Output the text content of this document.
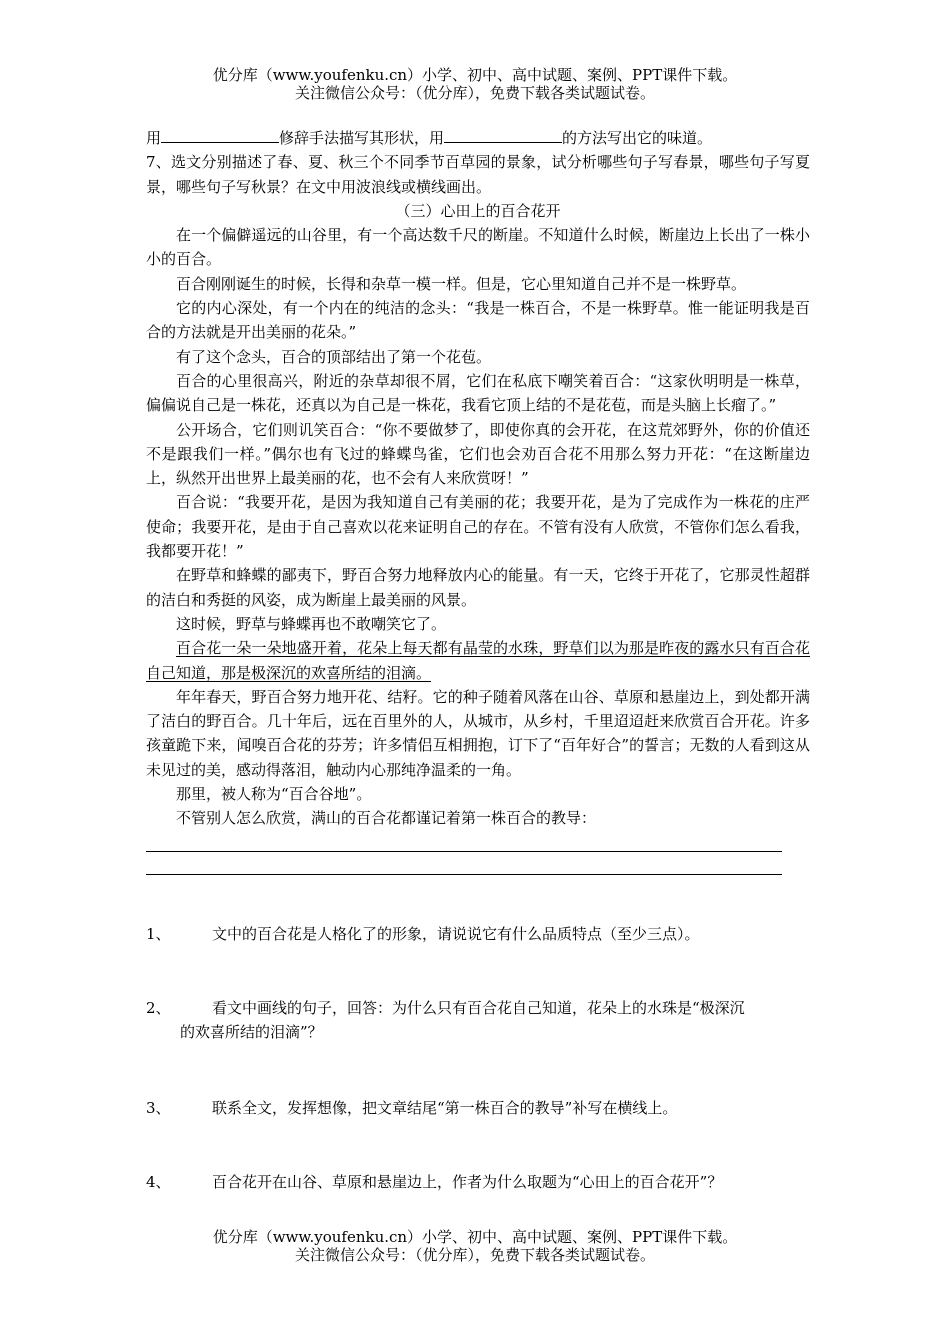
优分库（www.youfenku.cn）小学、初中、高中试题、案例、PPT课件下载。
关注微信公众号：（优分库），免费下载各类试题试卷。

用	修辞手法描写其形状，用	的方法写出它的味道。

7、选文分别描述了春、夏、秋三个不同季节百草园的景象，试分析哪些句子写春景，哪些句子写夏景，哪些句子写秋景？在文中用波浪线或横线画出。

（三）心田上的百合花开

在一个偏僻遥远的山谷里，有一个高达数千尺的断崖。不知道什么时候，断崖边上长出了一株小小的百合。

百合刚刚诞生的时候，长得和杂草一模一样。但是，它心里知道自己并不是一株野草。

它的内心深处，有一个内在的纯洁的念头：“我是一株百合，不是一株野草。惟一能证明我是百合的方法就是开出美丽的花朵。”

有了这个念头，百合的顶部结出了第一个花苞。

百合的心里很高兴，附近的杂草却很不屑，它们在私底下嘲笑着百合：“这家伙明明是一株草，偏偏说自己是一株花，还真以为自己是一株花，我看它顶上结的不是花苞，而是头脑上长瘤了。”

公开场合，它们则讥笑百合：“你不要做梦了，即使你真的会开花，在这荒郊野外，你的价值还不是跟我们一样。”偶尔也有飞过的蜂蝶鸟雀，它们也会劝百合花不用那么努力开花：“在这断崖边上，纵然开出世界上最美丽的花，也不会有人来欣赏呀！”

百合说：“我要开花，是因为我知道自己有美丽的花；我要开花，是为了完成作为一株花的庄严使命；我要开花，是由于自己喜欢以花来证明自己的存在。不管有没有人欣赏，不管你们怎么看我，我都要开花！”

在野草和蜂蝶的鄙夷下，野百合努力地释放内心的能量。有一天，它终于开花了，它那灵性超群的洁白和秀挺的风姿，成为断崖上最美丽的风景。

这时候，野草与蜂蝶再也不敢嘲笑它了。

百合花一朵一朵地盛开着，花朵上每天都有晶莹的水珠，野草们以为那是昨夜的露水只有百合花自己知道，那是极深沉的欢喜所结的泪滴。

年年春天，野百合努力地开花、结籽。它的种子随着风落在山谷、草原和悬崖边上，到处都开满了洁白的野百合。几十年后，远在百里外的人，从城市，从乡村，千里迢迢赶来欣赏百合开花。许多孩童跪下来，闻嗅百合花的芬芳；许多情侣互相拥抱，订下了“百年好合”的誓言；无数的人看到这从未见过的美，感动得落泪，触动内心那纯净温柔的一角。

那里，被人称为“百合谷地”。

不管别人怎么欣赏，满山的百合花都谨记着第一株百合的教导：

1、	文中的百合花是人格化了的形象，请说说它有什么品质特点（至少三点）。
2、	看文中画线的句子，回答：为什么只有百合花自己知道，花朵上的水珠是“极深沉
的欢喜所结的泪滴”？
3、	联系全文，发挥想像，把文章结尾“第一株百合的教导”补写在横线上。
4、	百合花开在山谷、草原和悬崖边上，作者为什么取题为“心田上的百合花开”？
优分库（www.youfenku.cn）小学、初中、高中试题、案例、PPT课件下载。
关注微信公众号：（优分库），免费下载各类试题试卷。
